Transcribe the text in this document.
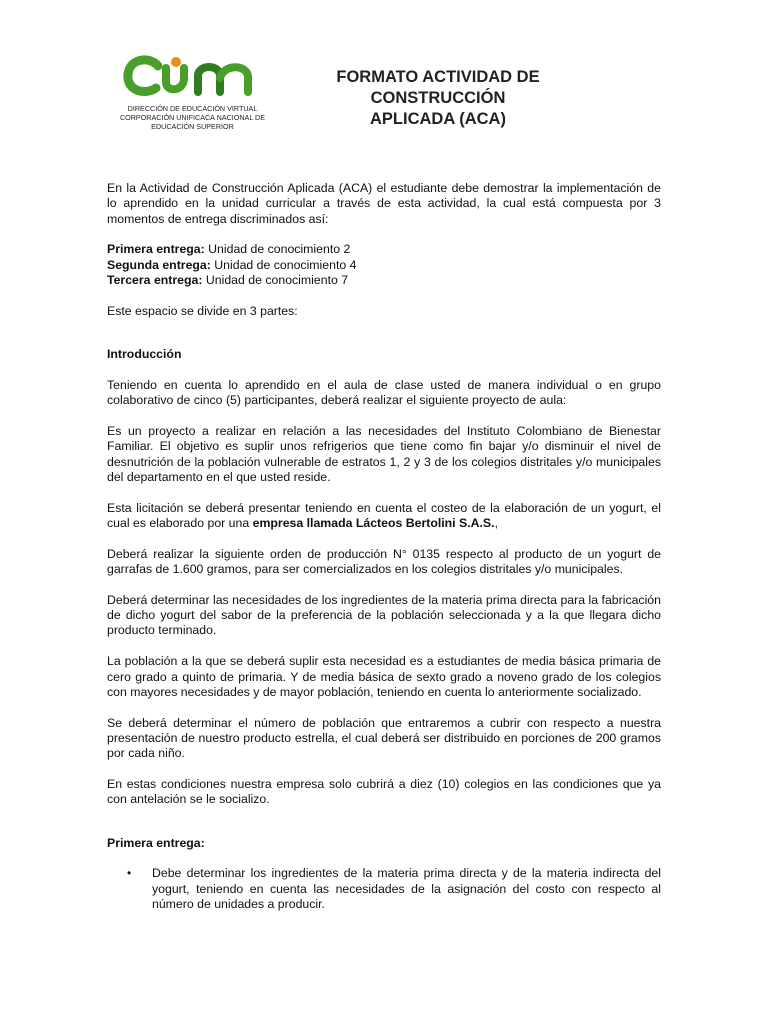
DIRECCIÓN DE EDUCACIÓN VIRTUAL
CORPORACIÓN UNIFICACA NACIONAL DE
EDUCACIÓN SUPERIOR
FORMATO ACTIVIDAD DE CONSTRUCCIÓN
APLICADA (ACA)

En la Actividad de Construcción Aplicada (ACA) el estudiante debe demostrar la implementación de lo aprendido en la unidad curricular a través de esta actividad, la cual está compuesta por 3 momentos de entrega discriminados así:

Primera entrega: Unidad de conocimiento 2
Segunda entrega: Unidad de conocimiento 4
Tercera entrega: Unidad de conocimiento 7

Este espacio se divide en 3 partes:

Introducción

Teniendo en cuenta lo aprendido en el aula de clase usted de manera individual o en grupo colaborativo de cinco (5) participantes, deberá realizar el siguiente proyecto de aula:

Es un proyecto a realizar en relación a las necesidades del Instituto Colombiano de Bienestar Familiar. El objetivo es suplir unos refrigerios que tiene como fin bajar y/o disminuir el nivel de desnutrición de la población vulnerable de estratos 1, 2 y 3 de los colegios distritales y/o municipales del departamento en el que usted reside.

Esta licitación se deberá presentar teniendo en cuenta el costeo de la elaboración de un yogurt, el cual es elaborado por una empresa llamada Lácteos Bertolini S.A.S.,

Deberá realizar la siguiente orden de producción N° 0135 respecto al producto de un yogurt de garrafas de 1.600 gramos, para ser comercializados en los colegios distritales y/o municipales.

Deberá determinar las necesidades de los ingredientes de la materia prima directa para la fabricación de dicho yogurt del sabor de la preferencia de la población seleccionada y a la que llegara dicho producto terminado.

La población a la que se deberá suplir esta necesidad es a estudiantes de media básica primaria de cero grado a quinto de primaria. Y de media básica de sexto grado a noveno grado de los colegios con mayores necesidades y de mayor población, teniendo en cuenta lo anteriormente socializado.

Se deberá determinar el número de población que entraremos a cubrir con respecto a nuestra presentación de nuestro producto estrella, el cual deberá ser distribuido en porciones de 200 gramos por cada niño.

En estas condiciones nuestra empresa solo cubrirá a diez (10) colegios en las condiciones que ya con antelación se le socializo.

Primera entrega:

• Debe determinar los ingredientes de la materia prima directa y de la materia indirecta del yogurt, teniendo en cuenta las necesidades de la asignación del costo con respecto al número de unidades a producir.
